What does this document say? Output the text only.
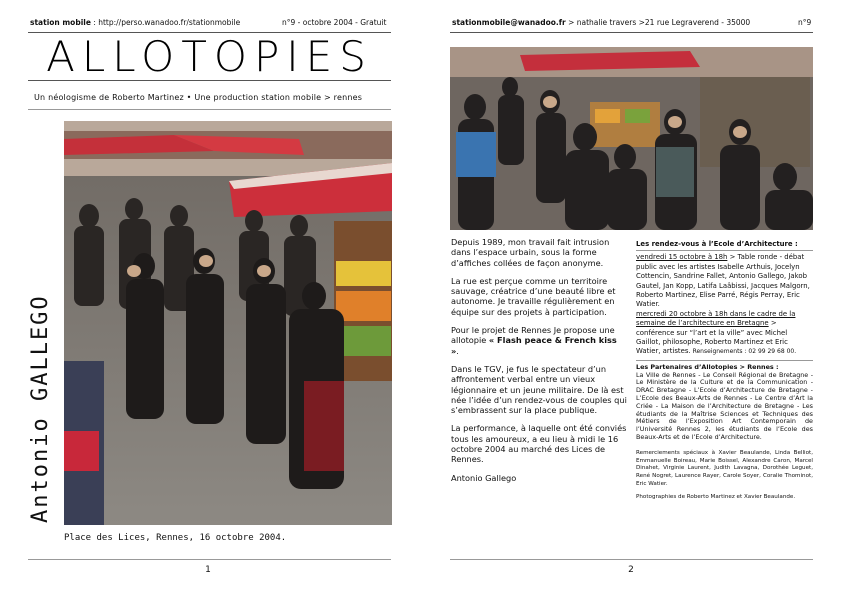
station mobile : http://perso.wanadoo.fr/stationmobile	n°9 - octobre 2004 - Gratuit
ALLOTOPIES
Un néologisme de Roberto Martinez • Une production station mobile > rennes
Antonio GALLEGO
Place des Lices, Rennes, 16 octobre 2004.
1
stationmobile@wanadoo.fr > nathalie travers >21 rue Legraverend - 35000	n°9

Depuis 1989, mon travail fait intrusion dans l’espace urbain, sous la forme d’affiches collées de façon anonyme.

La rue est perçue comme un territoire sauvage, créatrice d’une beauté libre et autonome. Je travaille régulièrement en équipe sur des projets à participation.

Pour le projet de Rennes Je propose une allotopie « Flash peace & French kiss ».

Dans le TGV, je fus le spectateur d’un affrontement verbal entre un vieux légionnaire et un jeune militaire. De là est née l’idée d’un rendez-vous de couples qui s’embrassent sur la place publique.

La performance, à laquelle ont été conviés tous les amoureux, a eu lieu à midi le 16 octobre 2004 au marché des Lices de Rennes.

Antonio Gallego

Les rendez-vous à l’Ecole d’Architecture :

vendredi 15 octobre à 18h > Table ronde - débat public avec les artistes Isabelle Arthuis, Jocelyn Cottencin, Sandrine Fallet, Antonio Gallego, Jakob Gautel, Jan Kopp, Latifa Laâbissi, Jacques Malgorn, Roberto Martinez, Elise Parré, Régis Perray, Eric Watier.

mercredi 20 octobre à 18h dans le cadre de la semaine de l’architecture en Bretagne > conférence sur “l’art et la ville” avec Michel Gaillot, philosophe, Roberto Martinez et Eric Watier, artistes. Renseignements : 02 99 29 68 00.

Les Partenaires d’Allotopies > Rennes :

La Ville de Rennes - Le Conseil Régional de Bretagne - Le Ministère de la Culture et de la Communication - DRAC Bretagne - L’Ecole d’Architecture de Bretagne - L’Ecole des Beaux-Arts de Rennes - Le Centre d’Art la Criée - La Maison de l’Architecture de Bretagne - Les étudiants de la Maîtrise Sciences et Techniques des Métiers de l’Exposition Art Contemporain de l’Université Rennes 2, les étudiants de l’Ecole des Beaux-Arts et de l’Ecole d’Architecture.

Remerciements spéciaux à Xavier Beaulande, Linda Belliot, Emmanuelle Boireau, Marie Boissel, Alexandre Caron, Marcel Dinahet, Virginie Laurent, Judith Lavagna, Dorothée Leguet, René Nogret, Laurence Rayer, Carole Soyer, Coralie Thominot, Eric Watier.

Photographies de Roberto Martinez et Xavier Beaulande.

2
